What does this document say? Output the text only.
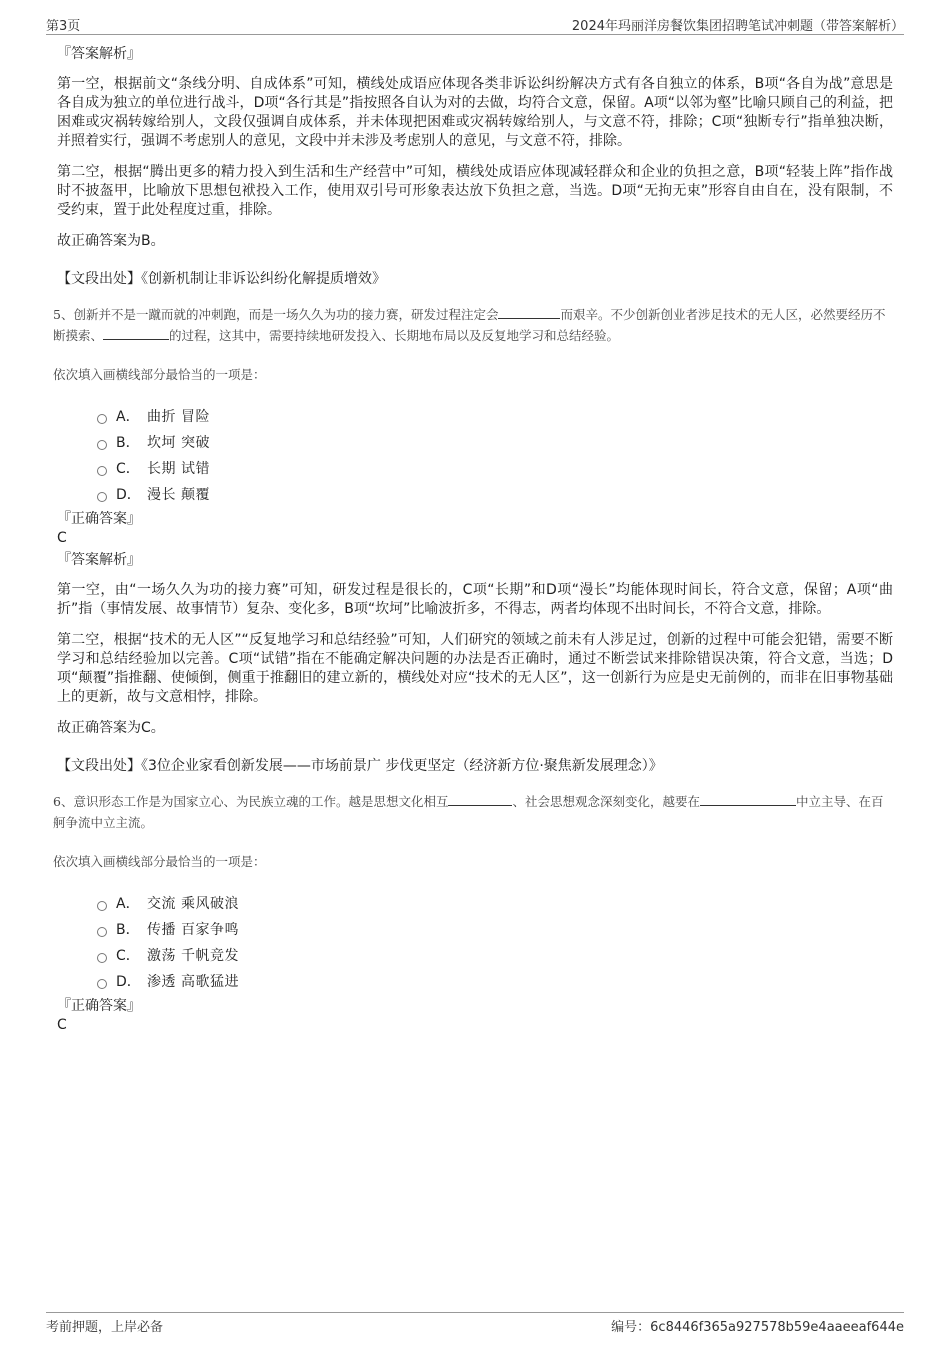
第3页	2024年玛丽洋房餐饮集团招聘笔试冲刺题（带答案解析）
『答案解析』

第一空，根据前文“条线分明、自成体系”可知，横线处成语应体现各类非诉讼纠纷解决方式有各自独立的体系，B项“各自为战”意思是各自成为独立的单位进行战斗，D项“各行其是”指按照各自认为对的去做，均符合文意，保留。A项“以邻为壑”比喻只顾自己的利益，把困难或灾祸转嫁给别人，文段仅强调自成体系，并未体现把困难或灾祸转嫁给别人，与文意不符，排除；C项“独断专行”指单独决断，并照着实行，强调不考虑别人的意见，文段中并未涉及考虑别人的意见，与文意不符，排除。

第二空，根据“腾出更多的精力投入到生活和生产经营中”可知，横线处成语应体现减轻群众和企业的负担之意，B项“轻装上阵”指作战时不披盔甲，比喻放下思想包袱投入工作，使用双引号可形象表达放下负担之意，当选。D项“无拘无束”形容自由自在，没有限制，不受约束，置于此处程度过重，排除。

故正确答案为B。

【文段出处】《创新机制让非诉讼纠纷化解提质增效》
5、创新并不是一蹴而就的冲刺跑，而是一场久久为功的接力赛，研发过程注定会	而艰辛。不少创新创业者涉足技术的无人区，必然要经历不断摸索、	的过程，这其中，需要持续地研发投入、长期地布局以及反复地学习和总结经验。
依次填入画横线部分最恰当的一项是：
A． 曲折 冒险
B． 坎坷 突破
C． 长期 试错
D． 漫长 颠覆
『正确答案』
C
『答案解析』

第一空，由“一场久久为功的接力赛”可知，研发过程是很长的，C项“长期”和D项“漫长”均能体现时间长，符合文意，保留；A项“曲折”指（事情发展、故事情节）复杂、变化多，B项“坎坷”比喻波折多，不得志，两者均体现不出时间长，不符合文意，排除。

第二空，根据“技术的无人区”“反复地学习和总结经验”可知，人们研究的领域之前未有人涉足过，创新的过程中可能会犯错，需要不断学习和总结经验加以完善。C项“试错”指在不能确定解决问题的办法是否正确时，通过不断尝试来排除错误决策，符合文意，当选；D项“颠覆”指推翻、使倾倒，侧重于推翻旧的建立新的，横线处对应“技术的无人区”，这一创新行为应是史无前例的，而非在旧事物基础上的更新，故与文意相悖，排除。

故正确答案为C。

【文段出处】《3位企业家看创新发展——市场前景广 步伐更坚定（经济新方位·聚焦新发展理念）》
6、意识形态工作是为国家立心、为民族立魂的工作。越是思想文化相互	、社会思想观念深刻变化，越要在	中立主导、在百舸争流中立主流。
依次填入画横线部分最恰当的一项是：
A． 交流 乘风破浪
B． 传播 百家争鸣
C． 激荡 千帆竞发
D． 渗透 高歌猛进
『正确答案』
C
考前押题，上岸必备	编号：6c8446f365a927578b59e4aaeeaf644e
